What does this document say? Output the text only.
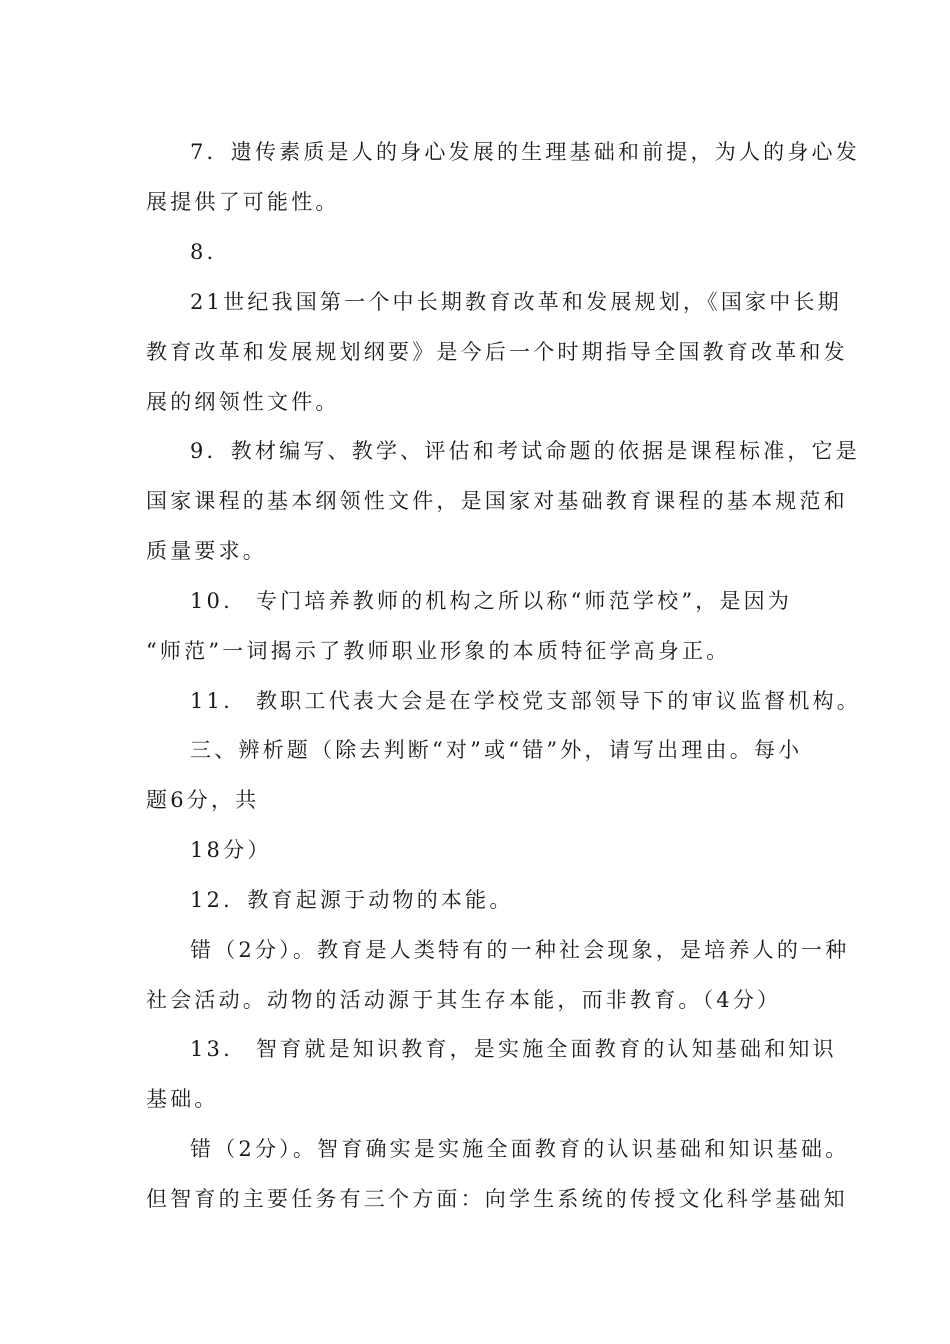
7．遗传素质是人的身心发展的生理基础和前提，为人的身心发
展提供了可能性。
8.
21世纪我国第一个中长期教育改革和发展规划，《国家中长期
教育改革和发展规划纲要》是今后一个时期指导全国教育改革和发
展的纲领性文件。
9．教材编写、教学、评估和考试命题的依据是课程标准，它是
国家课程的基本纲领性文件，是国家对基础教育课程的基本规范和
质量要求。
10. 专门培养教师的机构之所以称“师范学校”，是因为
“师范”一词揭示了教师职业形象的本质特征学高身正。
11. 教职工代表大会是在学校党支部领导下的审议监督机构。
三、辨析题（除去判断“对”或“错”外，请写出理由。每小
题6分，共
18分）
12．教育起源于动物的本能。
错（2分）。教育是人类特有的一种社会现象，是培养人的一种
社会活动。动物的活动源于其生存本能，而非教育。（4分）
13. 智育就是知识教育，是实施全面教育的认知基础和知识
基础。
错（2分）。智育确实是实施全面教育的认识基础和知识基础。
但智育的主要任务有三个方面：向学生系统的传授文化科学基础知
